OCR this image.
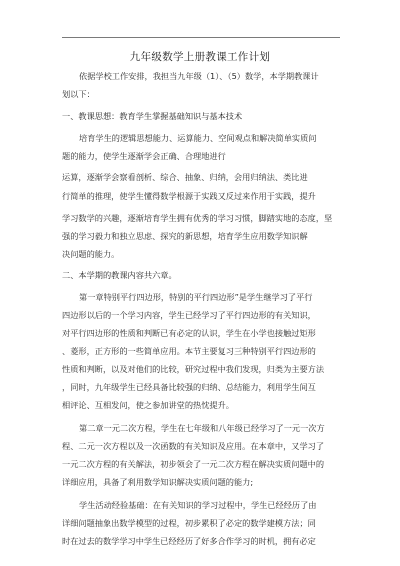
九年级数学上册教课工作计划
依据学校工作安排，我担当九年级（1）、（5）数学，本学期教课计
划以下：
一、教课思想：教育学生掌握基础知识与基本技术
培育学生的逻辑思想能力、运算能力、空间观点和解决简单实质问
题的能力，使学生逐渐学会正确、合理地进行
运算，逐渐学会察看剖析、综合、抽象、归纳，会用归纳法、类比进
行简单的推理，使学生懂得数学根源于实践又反过来作用于实践，提升
学习数学的兴趣，逐渐培育学生拥有优秀的学习习惯，脚踏实地的态度，坚
强的学习毅力和独立思虑、探究的新思想，培育学生应用数学知识解
决问题的能力。
二、本学期的教课内容共六章。
第一章特别平行四边形，特别的平行四边形”是学生继学习了平行
四边形以后的一个学习内容，学生已经学习了平行四边形的有关知识，
对平行四边形的性质和判断已有必定的认识，学生在小学也接触过矩形
、菱形，正方形的一些简单应用。本节主要复习三种特别平行四边形的
性质和判断，以及对他们的比较，研究过程中我们发现，归类为主要方法
，同时，九年级学生已经具备比较强的归纳、总结能力，利用学生间互
相评论、互相发问，使之参加讲堂的热忱提升。
第二章一元二次方程，学生在七年级和八年级已经学习了一元一次方
程、二元一次方程以及一次函数的有关知识及应用。在本章中，又学习了
一元二次方程的有关解法，初步领会了一元二次方程在解决实质问题中的
详细应用，具备了利用数学知识解决实质问题的能力;
学生活动经验基础：在有关知识的学习过程中，学生已经经历了由
详细问题抽象出数学模型的过程，初步累积了必定的数学建模方法；同
时在过去的数学学习中学生已经经历了好多合作学习的时机，拥有必定
